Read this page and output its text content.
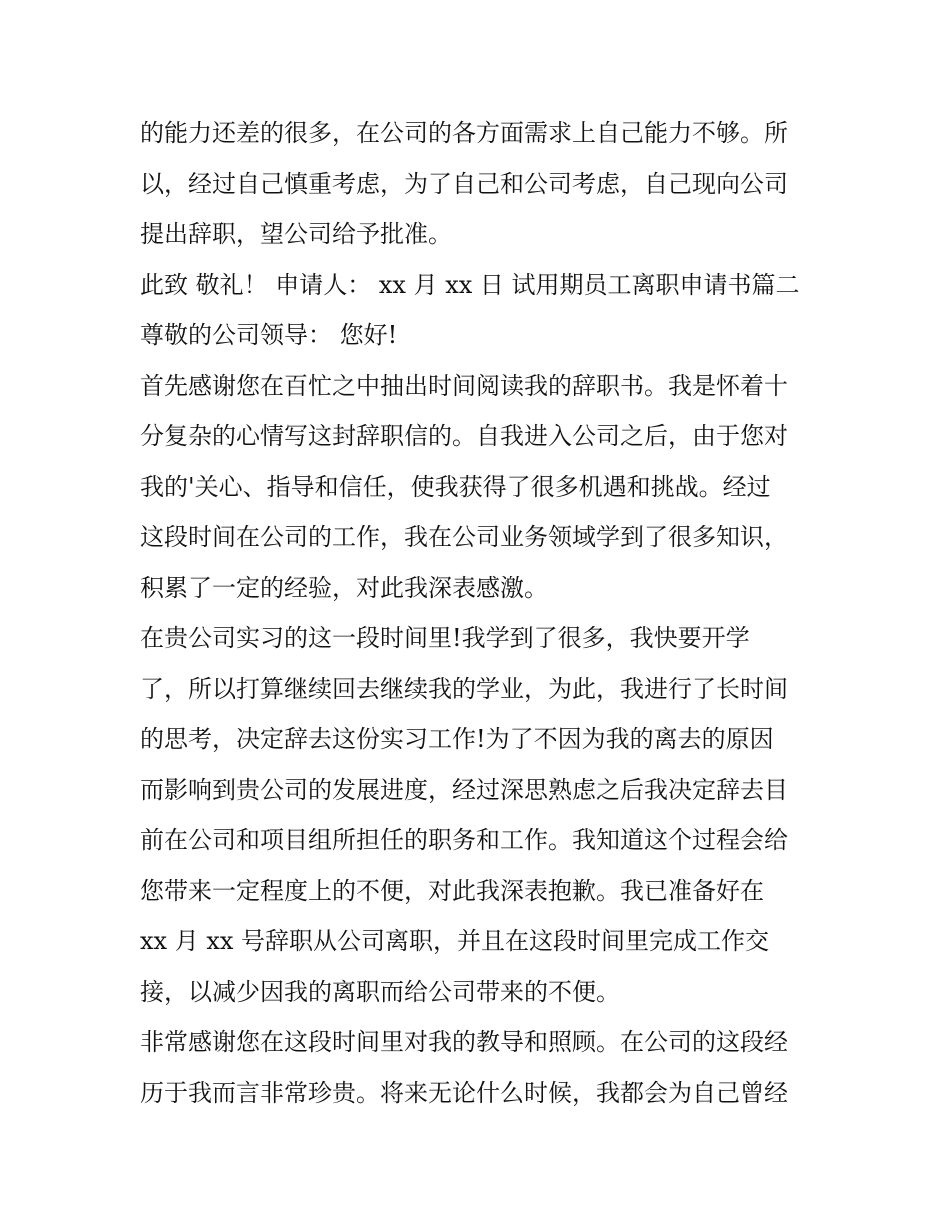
的能力还差的很多，在公司的各方面需求上自己能力不够。所
以，经过自己慎重考虑，为了自己和公司考虑，自己现向公司
提出辞职，望公司给予批准。
此致 敬礼！ 申请人： xx 月 xx 日 试用期员工离职申请书篇二
尊敬的公司领导： 您好!
首先感谢您在百忙之中抽出时间阅读我的辞职书。我是怀着十
分复杂的心情写这封辞职信的。自我进入公司之后，由于您对
我的'关心、指导和信任，使我获得了很多机遇和挑战。经过
这段时间在公司的工作，我在公司业务领域学到了很多知识，
积累了一定的经验，对此我深表感激。
在贵公司实习的这一段时间里!我学到了很多，我快要开学
了，所以打算继续回去继续我的学业，为此，我进行了长时间
的思考，决定辞去这份实习工作!为了不因为我的离去的原因
而影响到贵公司的发展进度，经过深思熟虑之后我决定辞去目
前在公司和项目组所担任的职务和工作。我知道这个过程会给
您带来一定程度上的不便，对此我深表抱歉。我已准备好在
xx 月 xx 号辞职从公司离职，并且在这段时间里完成工作交
接，以减少因我的离职而给公司带来的不便。
非常感谢您在这段时间里对我的教导和照顾。在公司的这段经
历于我而言非常珍贵。将来无论什么时候，我都会为自己曾经
